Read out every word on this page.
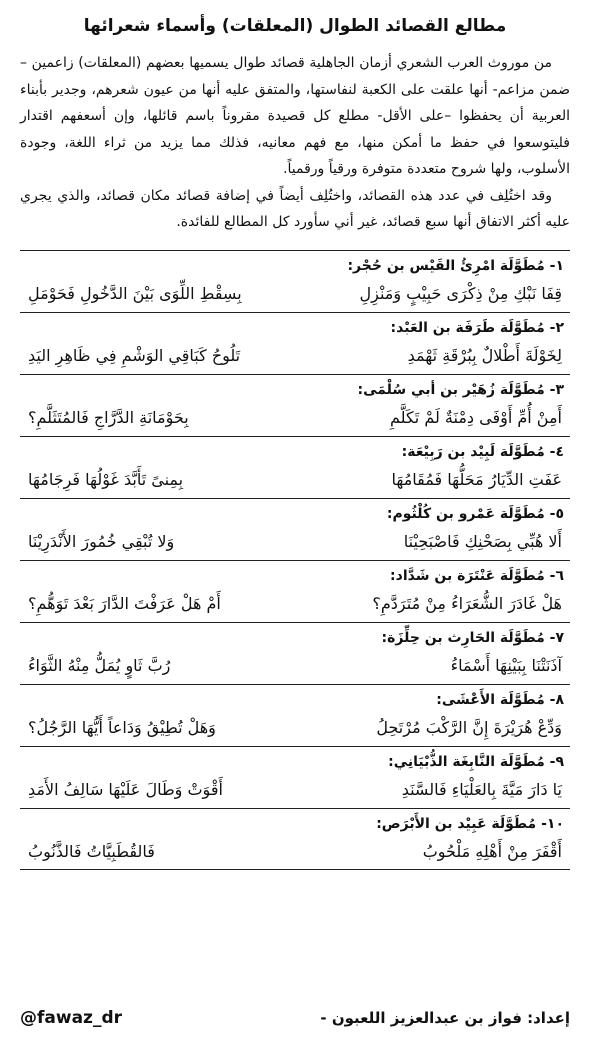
مطالع القصائد الطوال (المعلقات) وأسماء شعرائها

من موروث العرب الشعري أزمان الجاهلية قصائد طوال يسميها بعضهم (المعلقات) زاعمين –ضمن مزاعم- أنها علقت على الكعبة لنفاستها، والمتفق عليه أنها من عيون شعرهم، وجدير بأبناء العربية أن يحفظوا –على الأقل- مطلع كل قصيدة مقروناً باسم قائلها، وإن أسعفهم اقتدار فليتوسعوا في حفظ ما أمكن منها، مع فهم معانيه، فذلك مما يزيد من ثراء اللغة، وجودة الأسلوب، ولها شروح متعددة متوفرة ورقياً ورقمياً.

وقد اختُلِف في عدد هذه القصائد، واختُلِف أيضاً في إضافة قصائد مكان قصائد، والذي يجري عليه أكثر الاتفاق أنها سبع قصائد، غير أني سأورد كل المطالع للفائدة.

١- مُطَوَّلَة امْرِئُ القَيْس بن حُجْر:
قِفَا نَبْكِ مِنْ ذِكْرَى حَبِيْبٍ وَمَنْزِلِ
بِسِقْطِ اللِّوَى بَيْنَ الدَّخُولِ فَحَوْمَلِ
٢- مُطَوَّلَة طَرَفَة بن العَبْد:
لِخَوْلَةَ أَطْلالٌ بِبُرْقَةِ ثَهْمَدِ
تَلُوحُ كَبَاقِي الوَشْمِ فِي ظَاهِرِ اليَدِ
٣- مُطَوَّلَة زُهَيْر بن أبي سُلْمَى:
أَمِنْ أُمِّ أَوْفَى دِمْنَةٌ لَمْ تَكَلَّمِ
بِحَوْمَانَةِ الدَّرَّاجِ فَالمُتَثَلَّمِ؟
٤- مُطَوَّلَة لَبِيْد بن رَبِيْعَة:
عَفَتِ الدِّيَارُ مَحَلُّهَا فَمُقَامُهَا
بِمِنىً تَأَبَّدَ غَوْلُهَا فَرِجَامُهَا
٥- مُطَوَّلَة عَمْرو بن كُلْثُوم:
أَلا هُبِّي بِصَحْنِكِ فَاصْبَحِيْنَا
وَلا تُبْقِي خُمُورَ الأَنْدَرِيْنَا
٦- مُطَوَّلَة عَنْتَرَة بن شَدَّاد:
هَلْ غَادَرَ الشُّعَرَاءُ مِنْ مُتَرَدَّمِ؟
أَمْ هَلْ عَرَفْتَ الدَّارَ بَعْدَ تَوَهُّمِ؟
٧- مُطَوَّلَة الحَارِث بن حِلِّزَة:
آذَنَتْنَا بِبَيْنِهَا أَسْمَاءُ
رُبَّ ثَاوٍ يُمَلُّ مِنْهُ الثَّوَاءُ
٨- مُطَوَّلَة الأَعْشَى:
وَدِّعْ هُرَيْرَةَ إِنَّ الرَّكْبَ مُرْتَحِلُ
وَهَلْ تُطِيْقُ وَدَاعاً أَيُّهَا الرَّجُلُ؟
٩- مُطَوَّلَة النَّابِغَة الذُّبْيَانِي:
يَا دَارَ مَيَّةَ بِالعَلْيَاءِ فَالسَّنَدِ
أَقْوَتْ وَطَالَ عَلَيْهَا سَالِفُ الأَمَدِ
١٠- مُطَوَّلَة عَبِيْد بن الأَبْرَص:
أَقْفَرَ مِنْ أَهْلِهِ مَلْحُوبُ
فَالقُطَبِيَّاتُ فَالذَّنُوبُ
إعداد: فواز بن عبدالعزيز اللعبون -
@fawaz_dr
